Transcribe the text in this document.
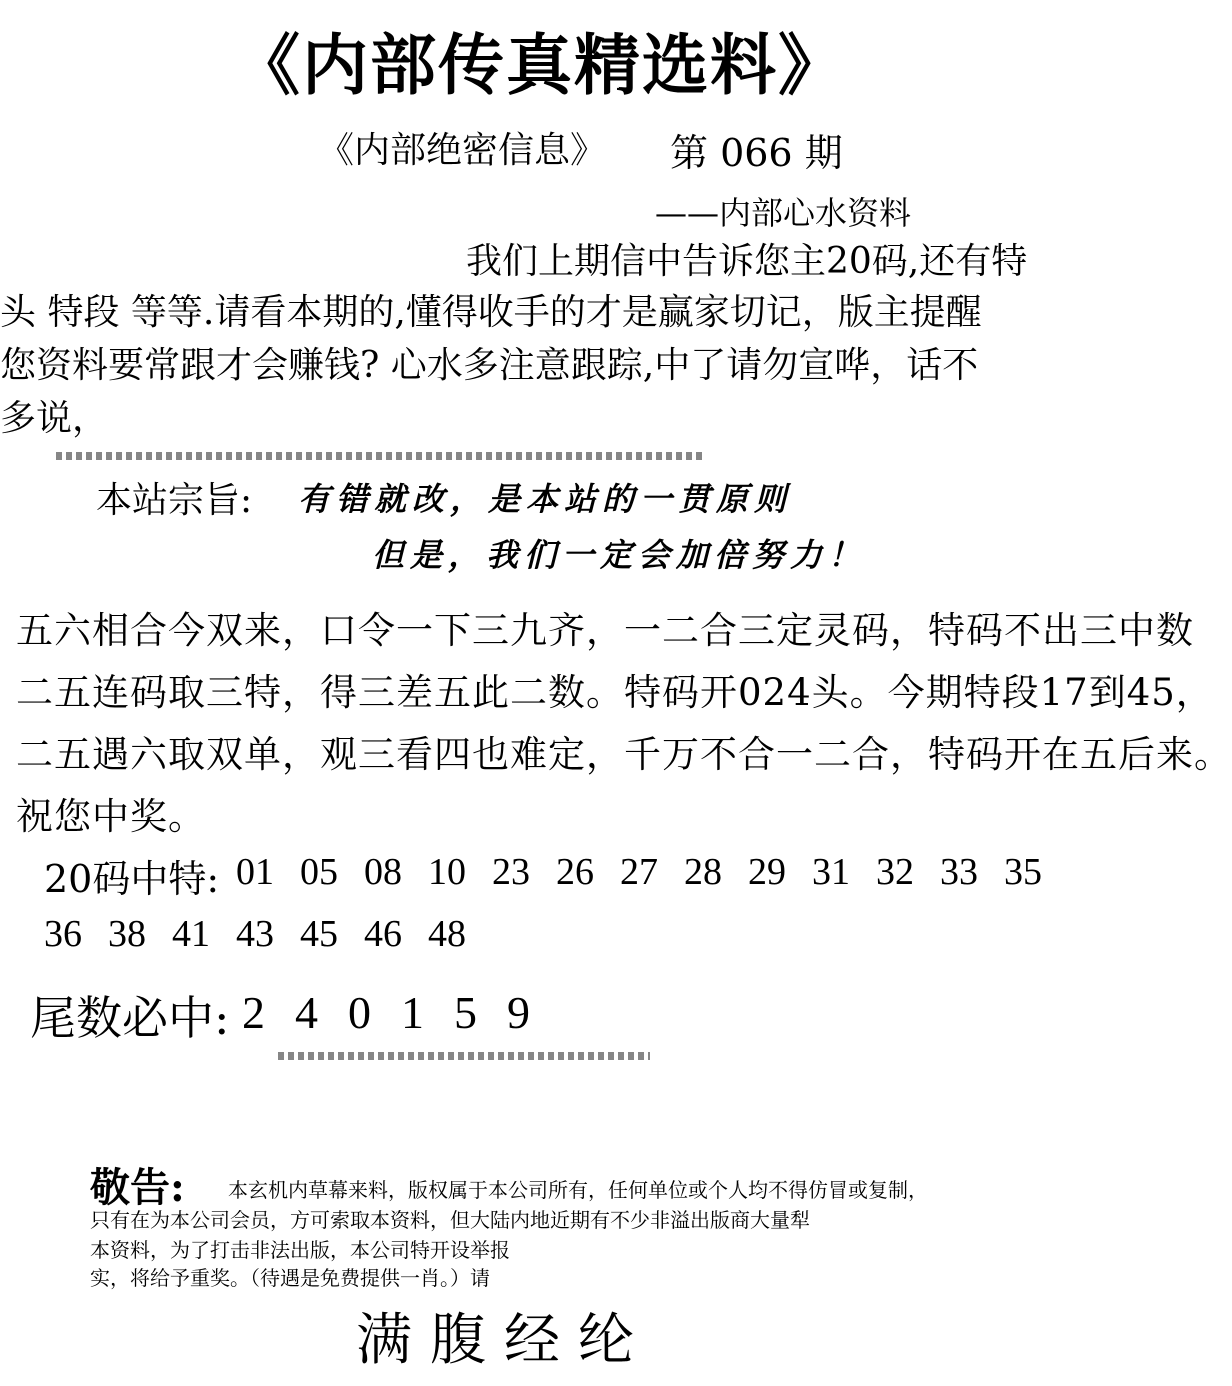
《内部传真精选料》
《内部绝密信息》 第 066 期
——内部心水资料
我们上期信中告诉您主20码,还有特
头 特段 等等.请看本期的,懂得收手的才是赢家切记，版主提醒
您资料要常跟才会赚钱? 心水多注意跟踪,中了请勿宣哗，话不
多说，
本站宗旨: 有错就改，是本站的一贯原则
但是，我们一定会加倍努力！
五六相合今双来，口令一下三九齐，一二合三定灵码，特码不出三中数
二五连码取三特，得三差五此二数。特码开024头。今期特段17到45，
二五遇六取双单，观三看四也难定，千万不合一二合，特码开在五后来。
祝您中奖。
20码中特: 01 05 08 10 23 26 27 28 29 31 32 33 35
36 38 41 43 45 46 48
尾数必中: 2 4 0 1 5 9
敬告: 本玄机内草幕来料，版权属于本公司所有，任何单位或个人均不得仿冒或复制，
只有在为本公司会员，方可索取本资料，但大陆内地近期有不少非溢出版商大量犁
本资料，为了打击非法出版，本公司特开设举报
实，将给予重奖。（待遇是免费提供一肖。）请
满腹经纶
